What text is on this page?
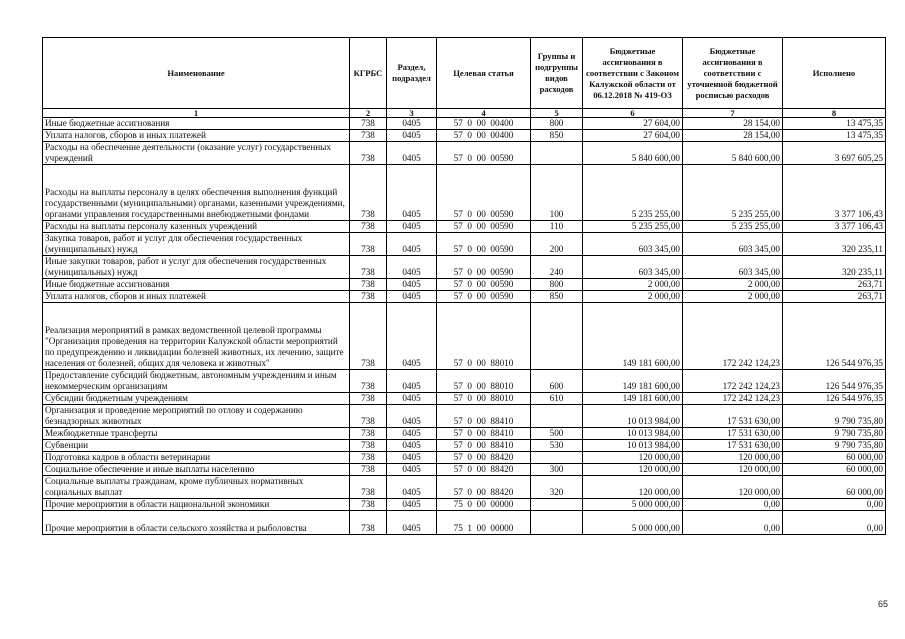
Наименование	КГРБС	Раздел, подраздел	Целевая статья	Группы и подгруппы видов расходов	Бюджетные ассигнования в соответствии с Законом Калужской области от 06.12.2018 № 419-ОЗ	Бюджетные ассигнования в соответствии с уточненной бюджетной росписью расходов	Исполнено
1	2	3	4	5	6	7	8
Иные бюджетные ассигнования	738	0405	57  0  00  00400	800	27 604,00	28 154,00	13 475,35
Уплата налогов, сборов и иных платежей	738	0405	57  0  00  00400	850	27 604,00	28 154,00	13 475,35
Расходы на обеспечение деятельности (оказание услуг) государственных учреждений	738	0405	57  0  00  00590		5 840 600,00	5 840 600,00	3 697 605,25
Расходы на выплаты персоналу в целях обеспечения выполнения функций государственными (муниципальными) органами, казенными учреждениями, органами управления государственными внебюджетными фондами	738	0405	57  0  00  00590	100	5 235 255,00	5 235 255,00	3 377 106,43
Расходы на выплаты персоналу казенных учреждений	738	0405	57  0  00  00590	110	5 235 255,00	5 235 255,00	3 377 106,43
Закупка товаров, работ и услуг для обеспечения государственных (муниципальных) нужд	738	0405	57  0  00  00590	200	603 345,00	603 345,00	320 235,11
Иные закупки товаров, работ и услуг для обеспечения государственных (муниципальных) нужд	738	0405	57  0  00  00590	240	603 345,00	603 345,00	320 235,11
Иные бюджетные ассигнования	738	0405	57  0  00  00590	800	2 000,00	2 000,00	263,71
Уплата налогов, сборов и иных платежей	738	0405	57  0  00  00590	850	2 000,00	2 000,00	263,71
Реализация мероприятий в рамках ведомственной целевой программы "Организация проведения на территории Калужской области мероприятий по предупреждению и ликвидации болезней животных, их лечению, защите населения от болезней, общих для человека и животных"	738	0405	57  0  00  88010		149 181 600,00	172 242 124,23	126 544 976,35
Предоставление субсидий бюджетным, автономным учреждениям и иным некоммерческим организациям	738	0405	57  0  00  88010	600	149 181 600,00	172 242 124,23	126 544 976,35
Субсидии бюджетным учреждениям	738	0405	57  0  00  88010	610	149 181 600,00	172 242 124,23	126 544 976,35
Организация и проведение мероприятий по отлову и содержанию безнадзорных животных	738	0405	57  0  00  88410		10 013 984,00	17 531 630,00	9 790 735,80
Межбюджетные трансферты	738	0405	57  0  00  88410	500	10 013 984,00	17 531 630,00	9 790 735,80
Субвенции	738	0405	57  0  00  88410	530	10 013 984,00	17 531 630,00	9 790 735,80
Подготовка кадров в области ветеринарии	738	0405	57  0  00  88420		120 000,00	120 000,00	60 000,00
Социальное обеспечение и иные выплаты населению	738	0405	57  0  00  88420	300	120 000,00	120 000,00	60 000,00
Социальные выплаты гражданам, кроме публичных нормативных социальных выплат	738	0405	57  0  00  88420	320	120 000,00	120 000,00	60 000,00
Прочие мероприятия в области национальной экономики	738	0405	75  0  00  00000		5 000 000,00	0,00	0,00
Прочие мероприятия в области сельского хозяйства и рыболовства	738	0405	75  1  00  00000		5 000 000,00	0,00	0,00
65
